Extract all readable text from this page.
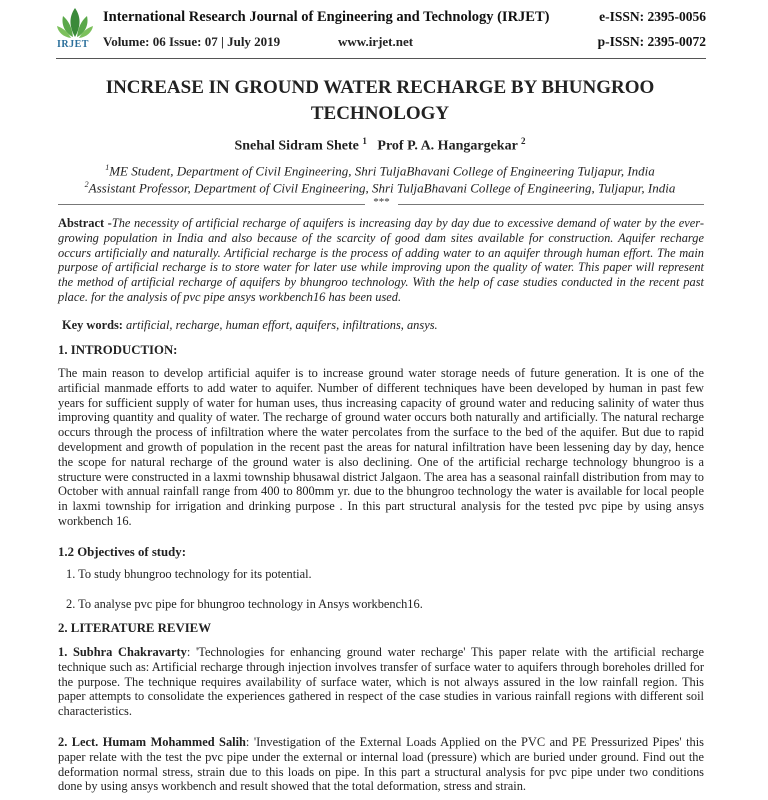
IRJET
International Research Journal of Engineering and Technology (IRJET)
Volume: 06 Issue: 07 | July 2019	www.irjet.net
e-ISSN: 2395-0056
p-ISSN: 2395-0072
INCREASE IN GROUND WATER RECHARGE BY BHUNGROO
TECHNOLOGY
Snehal Sidram Shete $^1$ Prof P. A. Hangargekar $^2$
$^1$ME Student, Department of Civil Engineering, Shri TuljaBhavani College of Engineering Tuljapur, India
$^2$Assistant Professor, Department of Civil Engineering, Shri TuljaBhavani College of Engineering, Tuljapur, India
***
Abstract -The necessity of artificial recharge of aquifers is increasing day by day due to excessive demand of water by the ever-growing population in India and also because of the scarcity of good dam sites available for construction. Aquifer recharge occurs artificially and naturally. Artificial recharge is the process of adding water to an aquifer through human effort. The main purpose of artificial recharge is to store water for later use while improving upon the quality of water. This paper will represent the method of artificial recharge of aquifers by bhungroo technology. With the help of case studies conducted in the recent past place. for the analysis of pvc pipe ansys workbench16 has been used.
Key words: artificial, recharge, human effort, aquifers, infiltrations, ansys.
1. INTRODUCTION:
The main reason to develop artificial aquifer is to increase ground water storage needs of future generation. It is one of the artificial manmade efforts to add water to aquifer. Number of different techniques have been developed by human in past few years for sufficient supply of water for human uses, thus increasing capacity of ground water and reducing salinity of water thus improving quantity and quality of water. The recharge of ground water occurs both naturally and artificially. The natural recharge occurs through the process of infiltration where the water percolates from the surface to the bed of the aquifer. But due to rapid development and growth of population in the recent past the areas for natural infiltration have been lessening day by day, hence the scope for natural recharge of the ground water is also declining. One of the artificial recharge technology bhungroo is a structure were constructed in a laxmi township bhusawal district Jalgaon. The area has a seasonal rainfall distribution from may to October with annual rainfall range from 400 to 800mm yr. due to the bhungroo technology the water is available for local people in laxmi township for irrigation and drinking purpose . In this part structural analysis for the tested pvc pipe by using ansys workbench 16.
1.2 Objectives of study:
1. To study bhungroo technology for its potential.
2. To analyse pvc pipe for bhungroo technology in Ansys workbench16.
2. LITERATURE REVIEW
1. Subhra Chakravarty: 'Technologies for enhancing ground water recharge' This paper relate with the artificial recharge technique such as: Artificial recharge through injection involves transfer of surface water to aquifers through boreholes drilled for the purpose. The technique requires availability of surface water, which is not always assured in the low rainfall region. This paper attempts to consolidate the experiences gathered in respect of the case studies in various rainfall regions with different soil characteristics.
2. Lect. Humam Mohammed Salih: 'Investigation of the External Loads Applied on the PVC and PE Pressurized Pipes' this paper relate with the test the pvc pipe under the external or internal load (pressure) which are buried under ground. Find out the deformation normal stress, strain due to this loads on pipe. In this part a structural analysis for pvc pipe under two conditions done by using ansys workbench and result showed that the total deformation, stress and strain.
